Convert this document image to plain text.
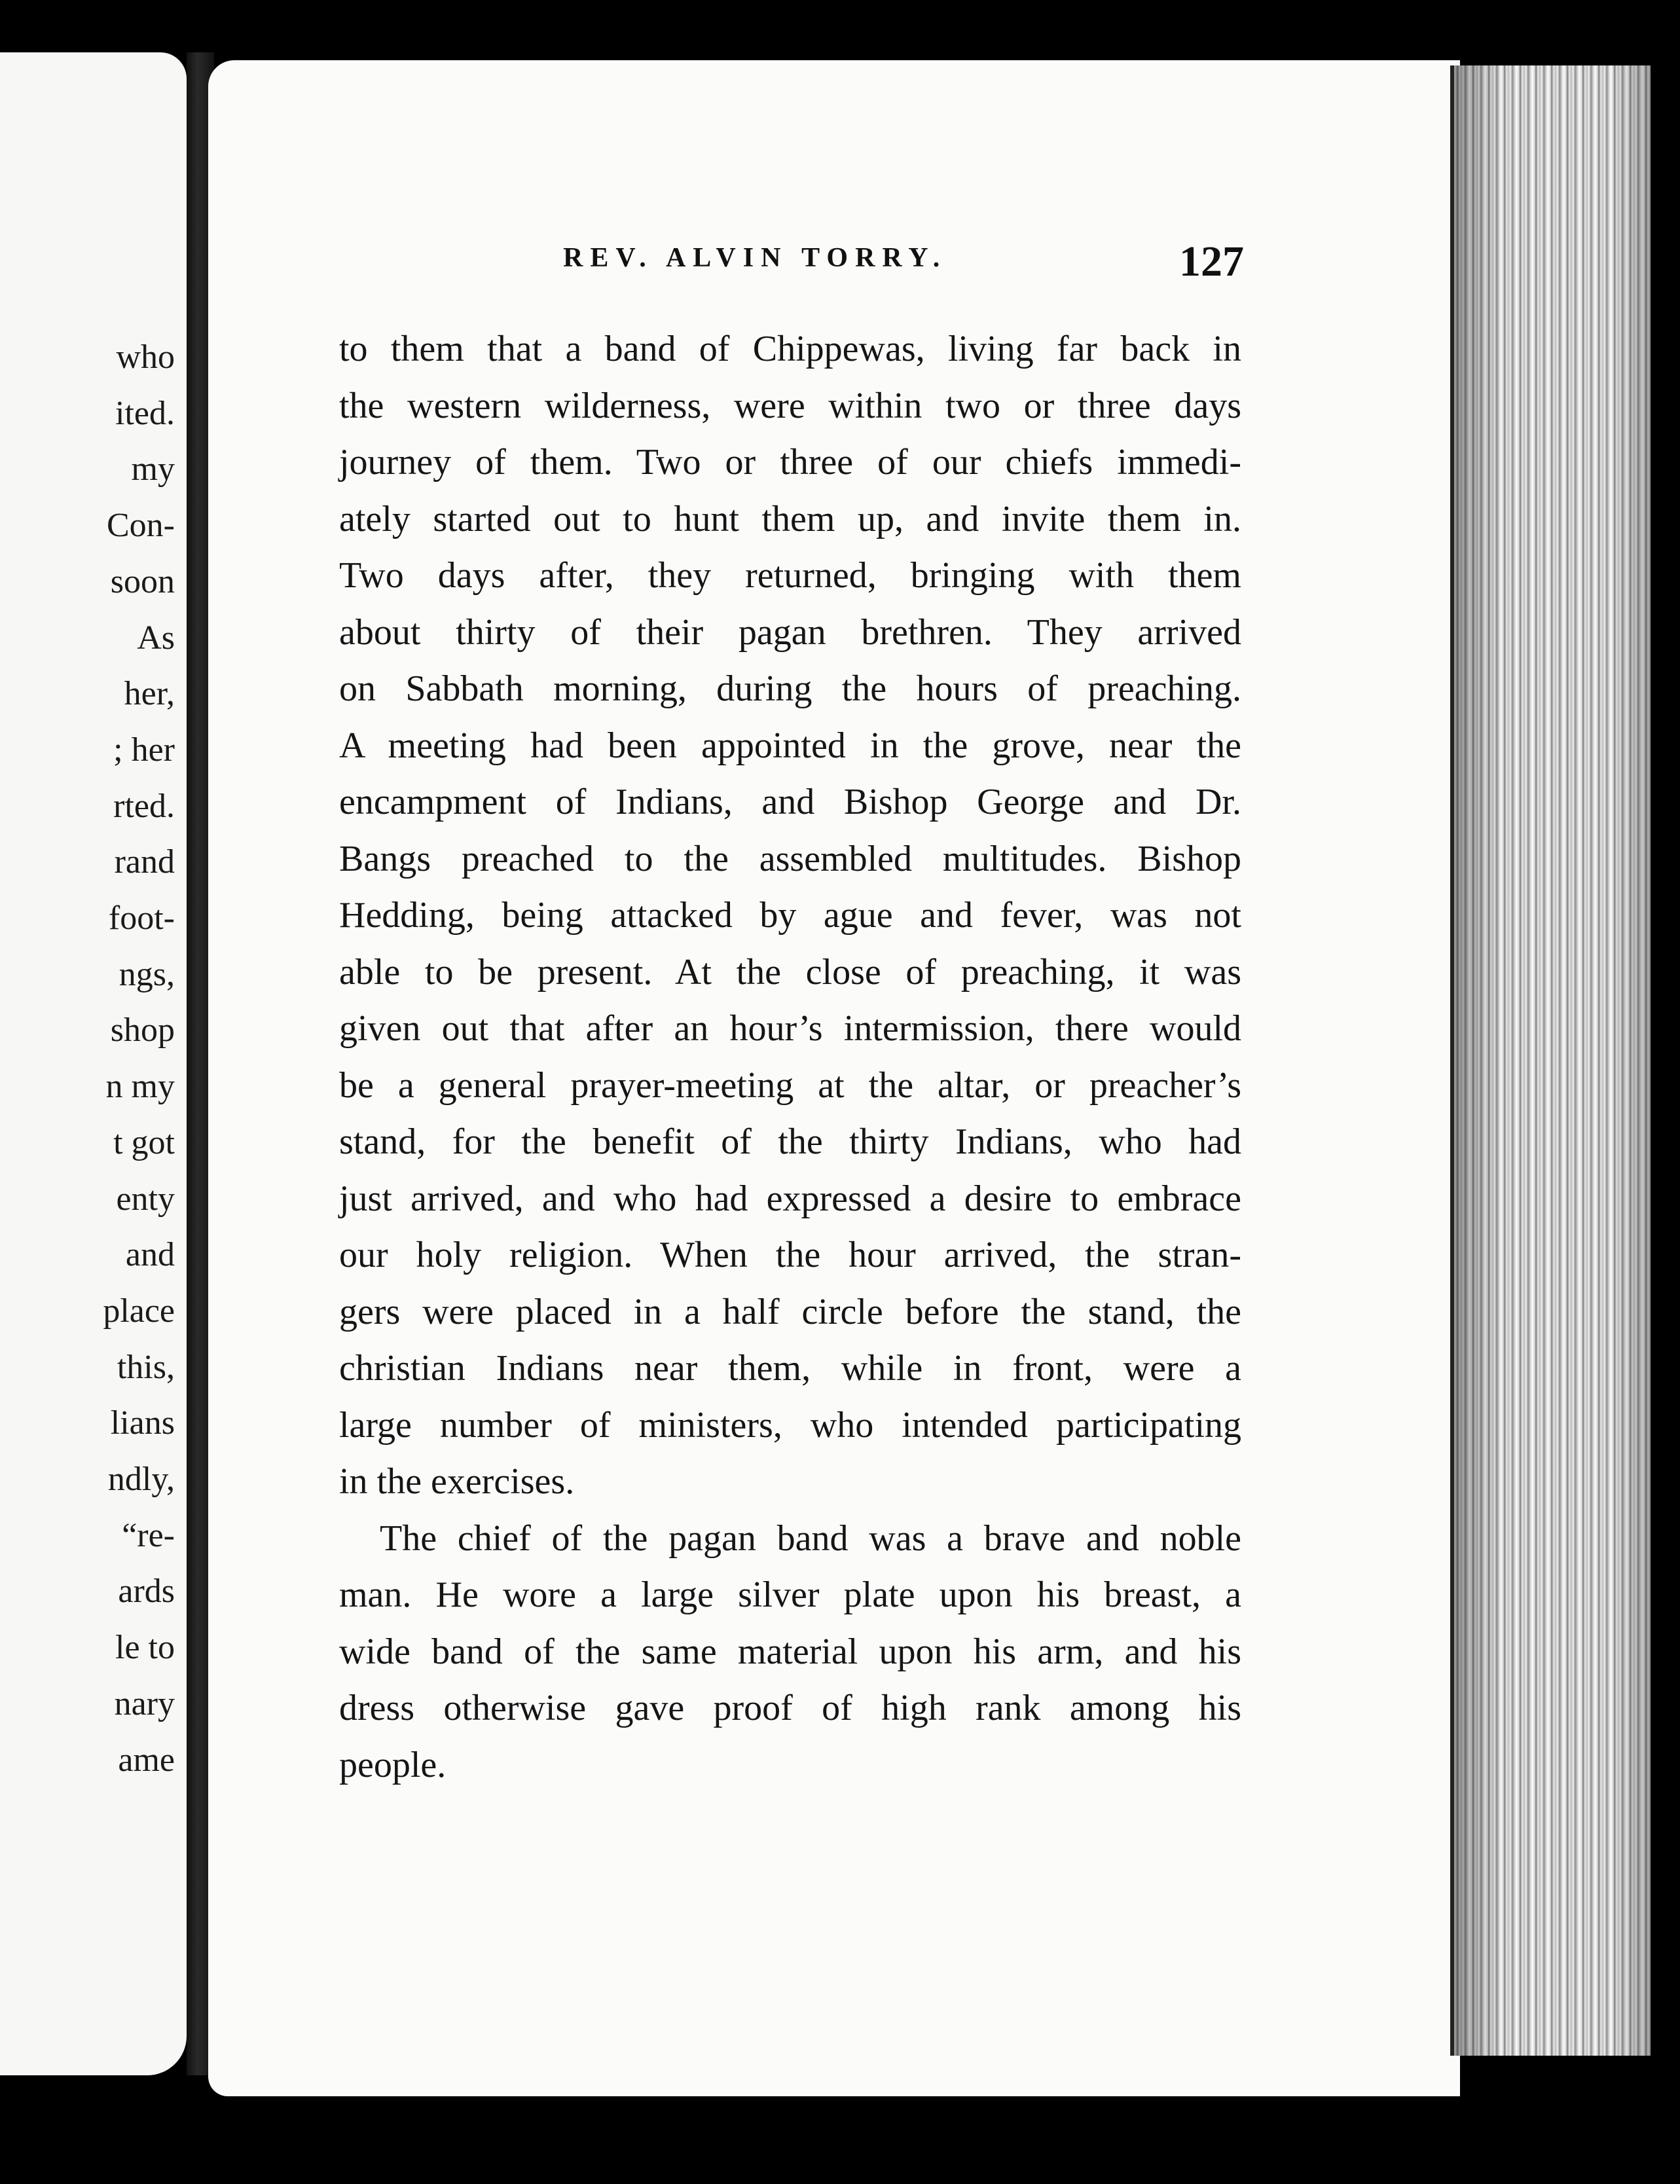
who
ited.
my
Con-
soon
As
her,
; her
rted.
rand
foot-
ngs,
shop
n my
t got
enty
and
place
this,
lians
ndly,
“re-
ards
le to
nary
ame
REV. ALVIN TORRY.	127
to them that a band of Chippewas, living far back in
the western wilderness, were within two or three days
journey of them. Two or three of our chiefs immedi-
ately started out to hunt them up, and invite them in.
Two days after, they returned, bringing with them
about thirty of their pagan brethren. They arrived
on Sabbath morning, during the hours of preaching.
A meeting had been appointed in the grove, near the
encampment of Indians, and Bishop George and Dr.
Bangs preached to the assembled multitudes. Bishop
Hedding, being attacked by ague and fever, was not
able to be present. At the close of preaching, it was
given out that after an hour’s intermission, there would
be a general prayer-meeting at the altar, or preacher’s
stand, for the benefit of the thirty Indians, who had
just arrived, and who had expressed a desire to embrace
our holy religion. When the hour arrived, the stran-
gers were placed in a half circle before the stand, the
christian Indians near them, while in front, were a
large number of ministers, who intended participating
in the exercises.
The chief of the pagan band was a brave and noble
man. He wore a large silver plate upon his breast, a
wide band of the same material upon his arm, and his
dress otherwise gave proof of high rank among his
people.
